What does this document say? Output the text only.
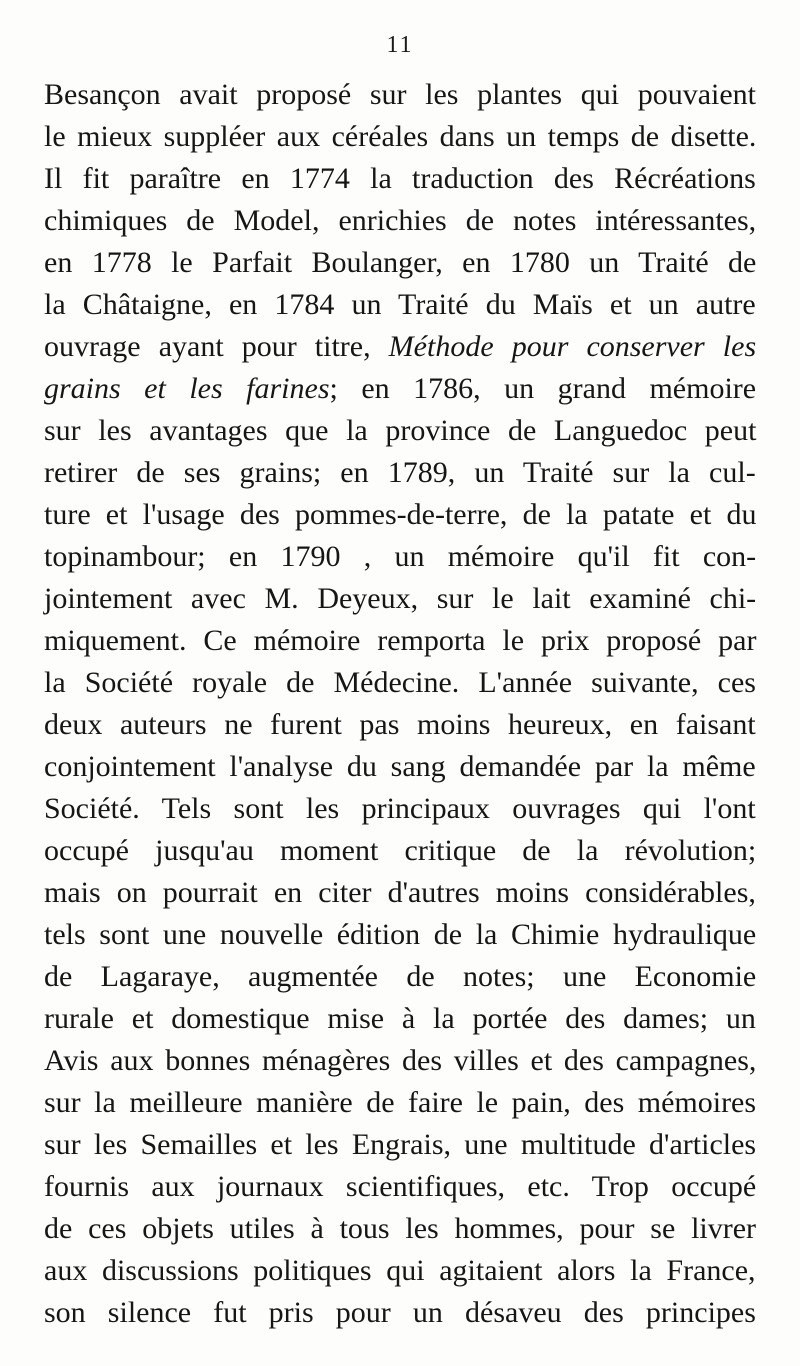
11
Besançon avait proposé sur les plantes qui pouvaient
le mieux suppléer aux céréales dans un temps de disette.
Il fit paraître en 1774 la traduction des Récréations
chimiques de Model, enrichies de notes intéressantes,
en 1778 le Parfait Boulanger, en 1780 un Traité de
la Châtaigne, en 1784 un Traité du Maïs et un autre
ouvrage ayant pour titre, Méthode pour conserver les
grains et les farines; en 1786, un grand mémoire
sur les avantages que la province de Languedoc peut
retirer de ses grains; en 1789, un Traité sur la cul-
ture et l'usage des pommes-de-terre, de la patate et du
topinambour; en 1790 , un mémoire qu'il fit con-
jointement avec M. Deyeux, sur le lait examiné chi-
miquement. Ce mémoire remporta le prix proposé par
la Société royale de Médecine. L'année suivante, ces
deux auteurs ne furent pas moins heureux, en faisant
conjointement l'analyse du sang demandée par la même
Société. Tels sont les principaux ouvrages qui l'ont
occupé jusqu'au moment critique de la révolution;
mais on pourrait en citer d'autres moins considérables,
tels sont une nouvelle édition de la Chimie hydraulique
de Lagaraye, augmentée de notes; une Economie
rurale et domestique mise à la portée des dames; un
Avis aux bonnes ménagères des villes et des campagnes,
sur la meilleure manière de faire le pain, des mémoires
sur les Semailles et les Engrais, une multitude d'articles
fournis aux journaux scientifiques, etc. Trop occupé
de ces objets utiles à tous les hommes, pour se livrer
aux discussions politiques qui agitaient alors la France,
son silence fut pris pour un désaveu des principes
